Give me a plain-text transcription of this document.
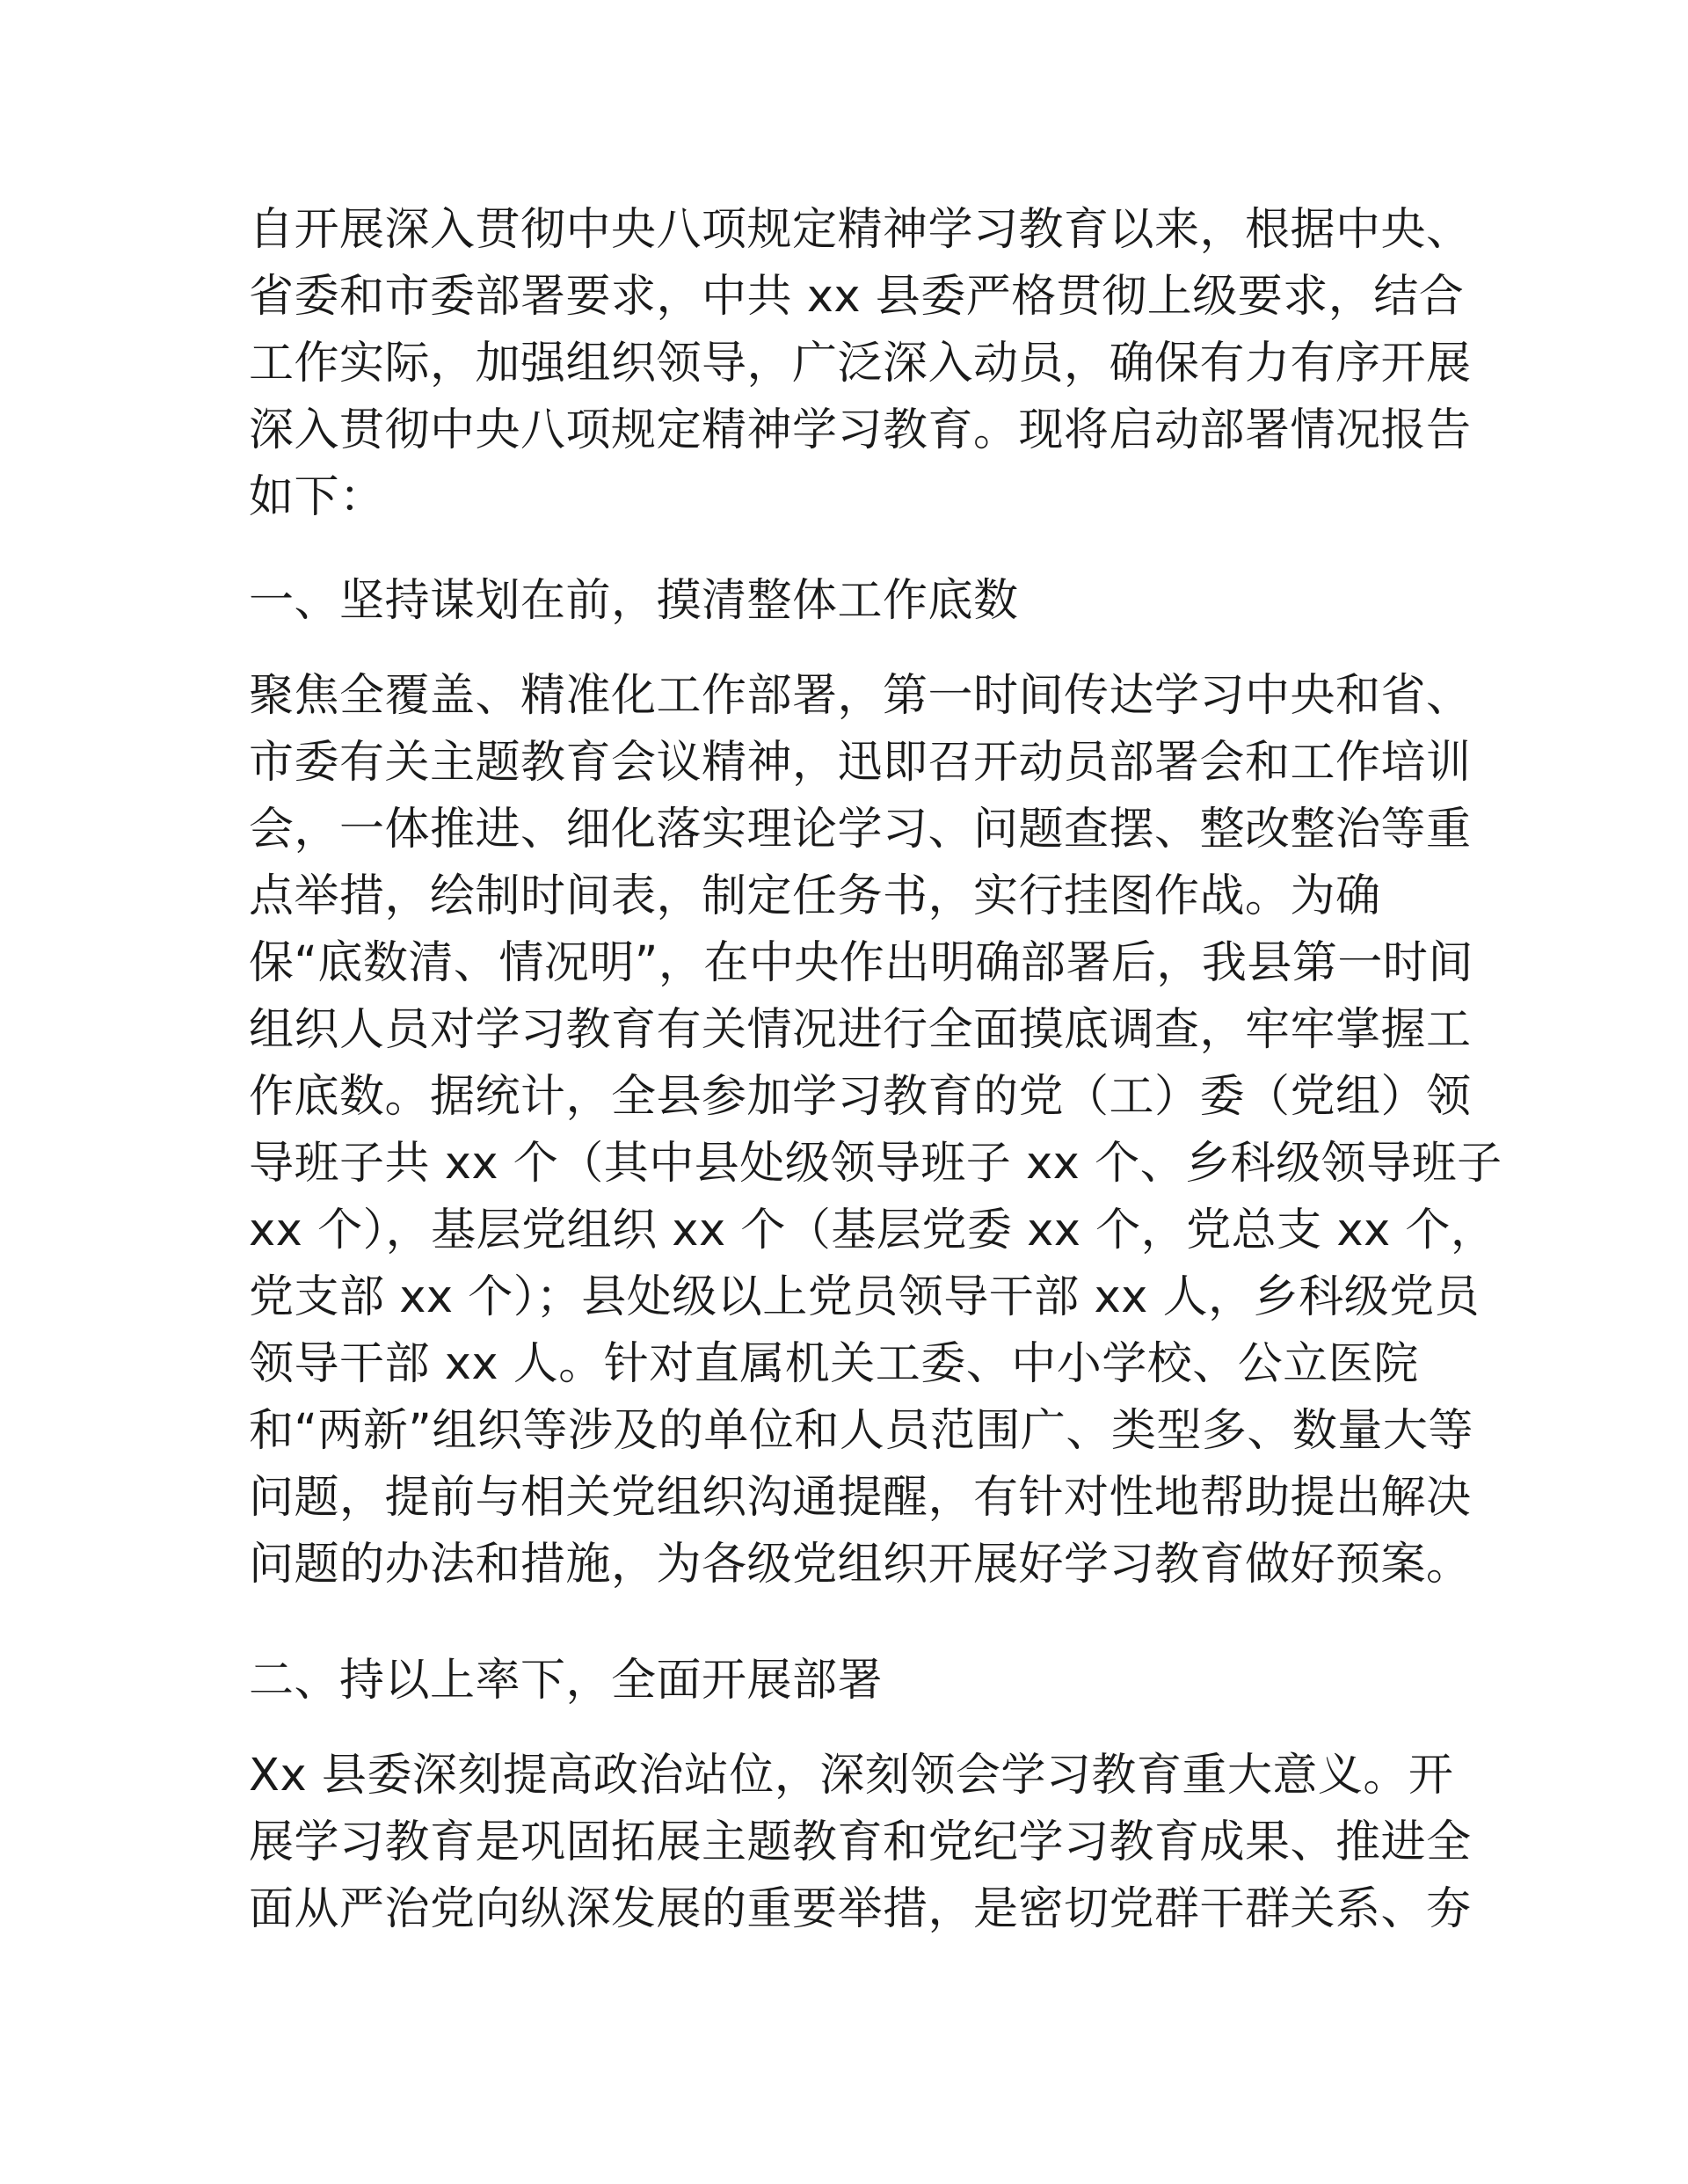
自开展深入贯彻中央八项规定精神学习教育以来，根据中央、
省委和市委部署要求，中共 xx 县委严格贯彻上级要求，结合
工作实际，加强组织领导，广泛深入动员，确保有力有序开展
深入贯彻中央八项规定精神学习教育。现将启动部署情况报告
如下：
一、坚持谋划在前，摸清整体工作底数
聚焦全覆盖、精准化工作部署，第一时间传达学习中央和省、
市委有关主题教育会议精神，迅即召开动员部署会和工作培训
会，一体推进、细化落实理论学习、问题查摆、整改整治等重
点举措，绘制时间表，制定任务书，实行挂图作战。为确
保“底数清、情况明”，在中央作出明确部署后，我县第一时间
组织人员对学习教育有关情况进行全面摸底调查，牢牢掌握工
作底数。据统计，全县参加学习教育的党（工）委（党组）领
导班子共 xx 个（其中县处级领导班子 xx 个、乡科级领导班子
xx 个），基层党组织 xx 个（基层党委 xx 个，党总支 xx 个，
党支部 xx 个）；县处级以上党员领导干部 xx 人，乡科级党员
领导干部 xx 人。针对直属机关工委、中小学校、公立医院
和“两新”组织等涉及的单位和人员范围广、类型多、数量大等
问题，提前与相关党组织沟通提醒，有针对性地帮助提出解决
问题的办法和措施，为各级党组织开展好学习教育做好预案。
二、持以上率下，全面开展部署
Xx 县委深刻提高政治站位，深刻领会学习教育重大意义。开
展学习教育是巩固拓展主题教育和党纪学习教育成果、推进全
面从严治党向纵深发展的重要举措，是密切党群干群关系、夯
